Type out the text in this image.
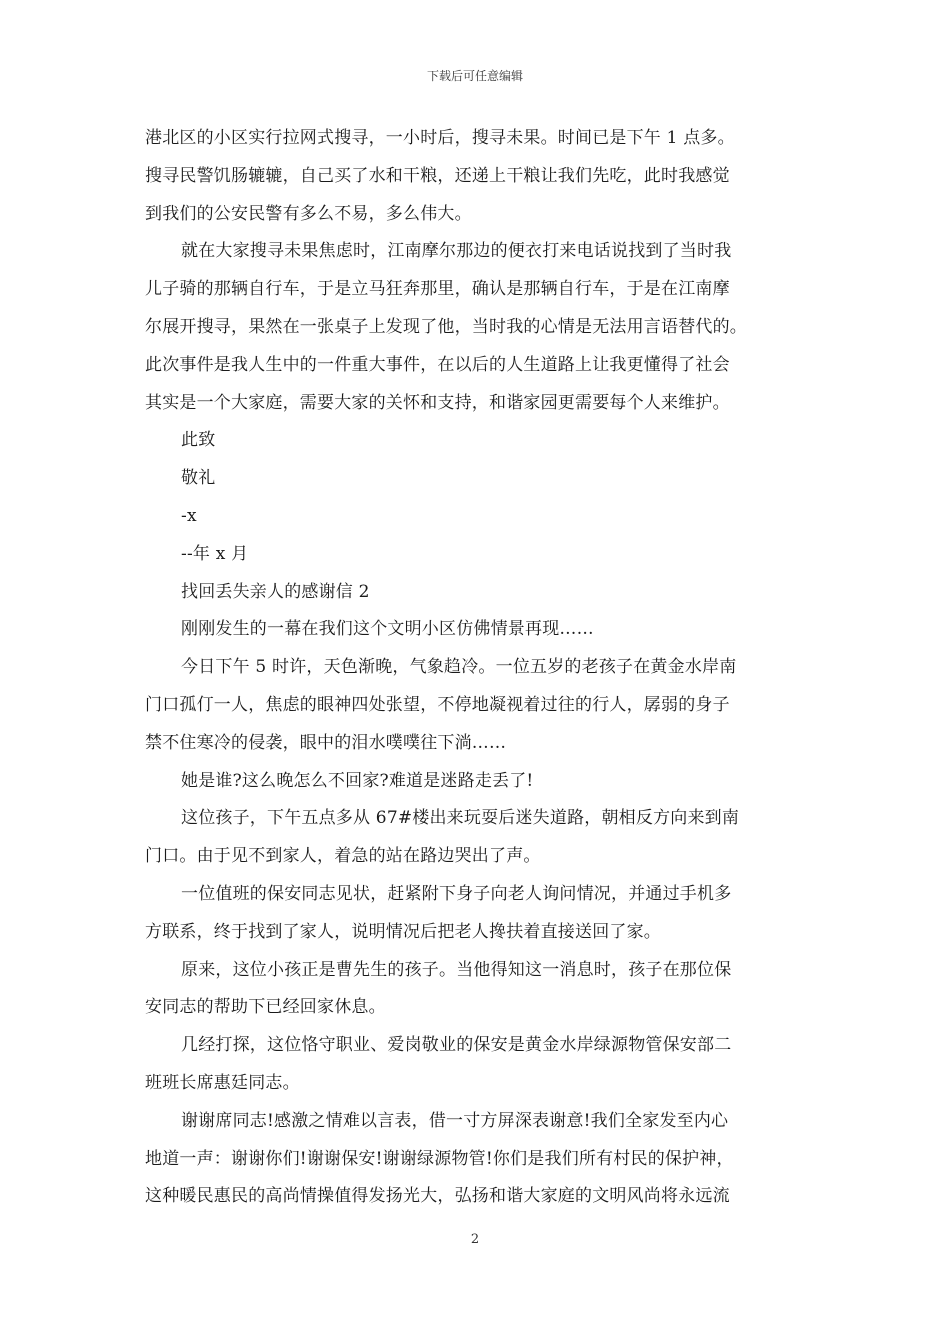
下载后可任意编辑
港北区的小区实行拉网式搜寻，一小时后，搜寻未果。时间已是下午 1 点多。
搜寻民警饥肠辘辘，自己买了水和干粮，还递上干粮让我们先吃，此时我感觉
到我们的公安民警有多么不易，多么伟大。
就在大家搜寻未果焦虑时，江南摩尔那边的便衣打来电话说找到了当时我
儿子骑的那辆自行车，于是立马狂奔那里，确认是那辆自行车，于是在江南摩
尔展开搜寻，果然在一张桌子上发现了他，当时我的心情是无法用言语替代的。
此次事件是我人生中的一件重大事件，在以后的人生道路上让我更懂得了社会
其实是一个大家庭，需要大家的关怀和支持，和谐家园更需要每个人来维护。
此致
敬礼
-x
--年 x 月
找回丢失亲人的感谢信 2
刚刚发生的一幕在我们这个文明小区仿佛情景再现……
今日下午 5 时许，天色渐晚，气象趋冷。一位五岁的老孩子在黄金水岸南
门口孤仃一人，焦虑的眼神四处张望，不停地凝视着过往的行人，孱弱的身子
禁不住寒冷的侵袭，眼中的泪水噗噗往下淌……
她是谁?这么晚怎么不回家?难道是迷路走丢了!
这位孩子，下午五点多从 67#楼出来玩耍后迷失道路，朝相反方向来到南
门口。由于见不到家人，着急的站在路边哭出了声。
一位值班的保安同志见状，赶紧附下身子向老人询问情况，并通过手机多
方联系，终于找到了家人，说明情况后把老人搀扶着直接送回了家。
原来，这位小孩正是曹先生的孩子。当他得知这一消息时，孩子在那位保
安同志的帮助下已经回家休息。
几经打探，这位恪守职业、爱岗敬业的保安是黄金水岸绿源物管保安部二
班班长席惠廷同志。
谢谢席同志!感激之情难以言表，借一寸方屏深表谢意!我们全家发至内心
地道一声：谢谢你们!谢谢保安!谢谢绿源物管!你们是我们所有村民的保护神，
这种暖民惠民的高尚情操值得发扬光大，弘扬和谐大家庭的文明风尚将永远流
2
